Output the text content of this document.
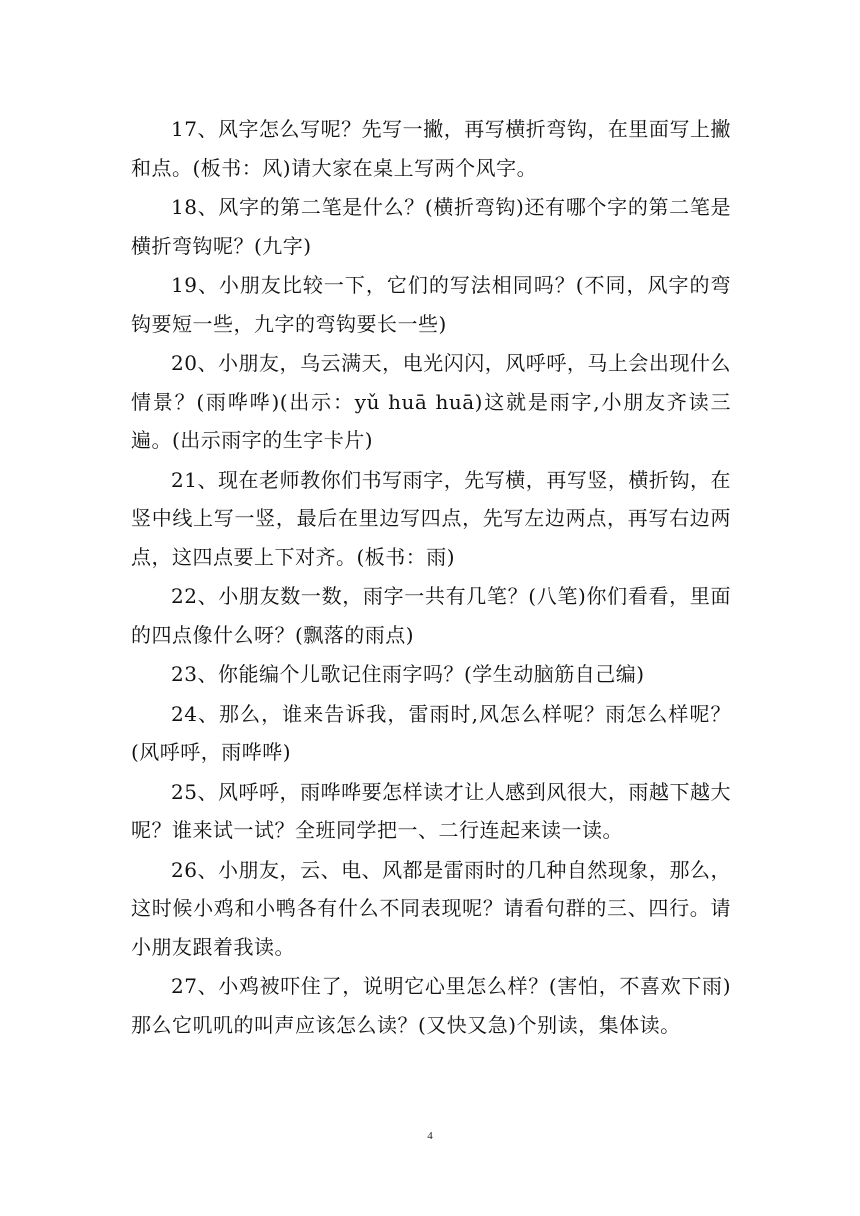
17、风字怎么写呢？先写一撇，再写横折弯钩，在里面写上撇和点。(板书：风)请大家在桌上写两个风字。

18、风字的第二笔是什么？(横折弯钩)还有哪个字的第二笔是横折弯钩呢？(九字)

19、小朋友比较一下，它们的写法相同吗？(不同，风字的弯钩要短一些，九字的弯钩要长一些)

20、小朋友，乌云满天，电光闪闪，风呼呼，马上会出现什么情景？(雨哗哗)(出示：yǔ huā huā)这就是雨字,小朋友齐读三遍。(出示雨字的生字卡片)

21、现在老师教你们书写雨字，先写横，再写竖，横折钩，在竖中线上写一竖，最后在里边写四点，先写左边两点，再写右边两点，这四点要上下对齐。(板书：雨)

22、小朋友数一数，雨字一共有几笔？(八笔)你们看看，里面的四点像什么呀？(飘落的雨点)

23、你能编个儿歌记住雨字吗？(学生动脑筋自己编)

24、那么，谁来告诉我，雷雨时,风怎么样呢？雨怎么样呢？(风呼呼，雨哗哗)

25、风呼呼，雨哗哗要怎样读才让人感到风很大，雨越下越大呢？谁来试一试？全班同学把一、二行连起来读一读。

26、小朋友，云、电、风都是雷雨时的几种自然现象，那么，这时候小鸡和小鸭各有什么不同表现呢？请看句群的三、四行。请小朋友跟着我读。

27、小鸡被吓住了，说明它心里怎么样？(害怕，不喜欢下雨)那么它叽叽的叫声应该怎么读？(又快又急)个别读，集体读。

4
